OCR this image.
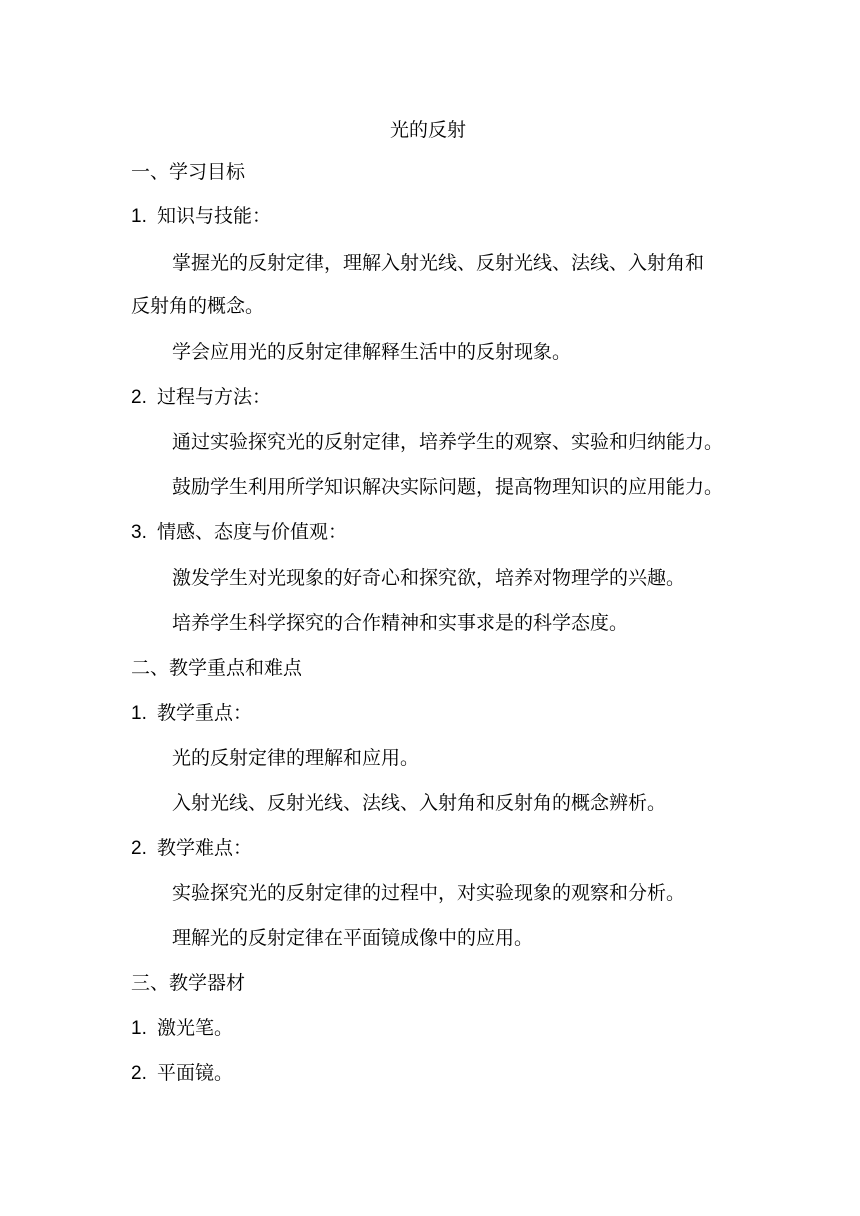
光的反射
一、学习目标
1. 知识与技能：
掌握光的反射定律，理解入射光线、反射光线、法线、入射角和
反射角的概念。
学会应用光的反射定律解释生活中的反射现象。
2. 过程与方法：
通过实验探究光的反射定律，培养学生的观察、实验和归纳能力。
鼓励学生利用所学知识解决实际问题，提高物理知识的应用能力。
3. 情感、态度与价值观：
激发学生对光现象的好奇心和探究欲，培养对物理学的兴趣。
培养学生科学探究的合作精神和实事求是的科学态度。
二、教学重点和难点
1. 教学重点：
光的反射定律的理解和应用。
入射光线、反射光线、法线、入射角和反射角的概念辨析。
2. 教学难点：
实验探究光的反射定律的过程中，对实验现象的观察和分析。
理解光的反射定律在平面镜成像中的应用。
三、教学器材
1. 激光笔。
2. 平面镜。
